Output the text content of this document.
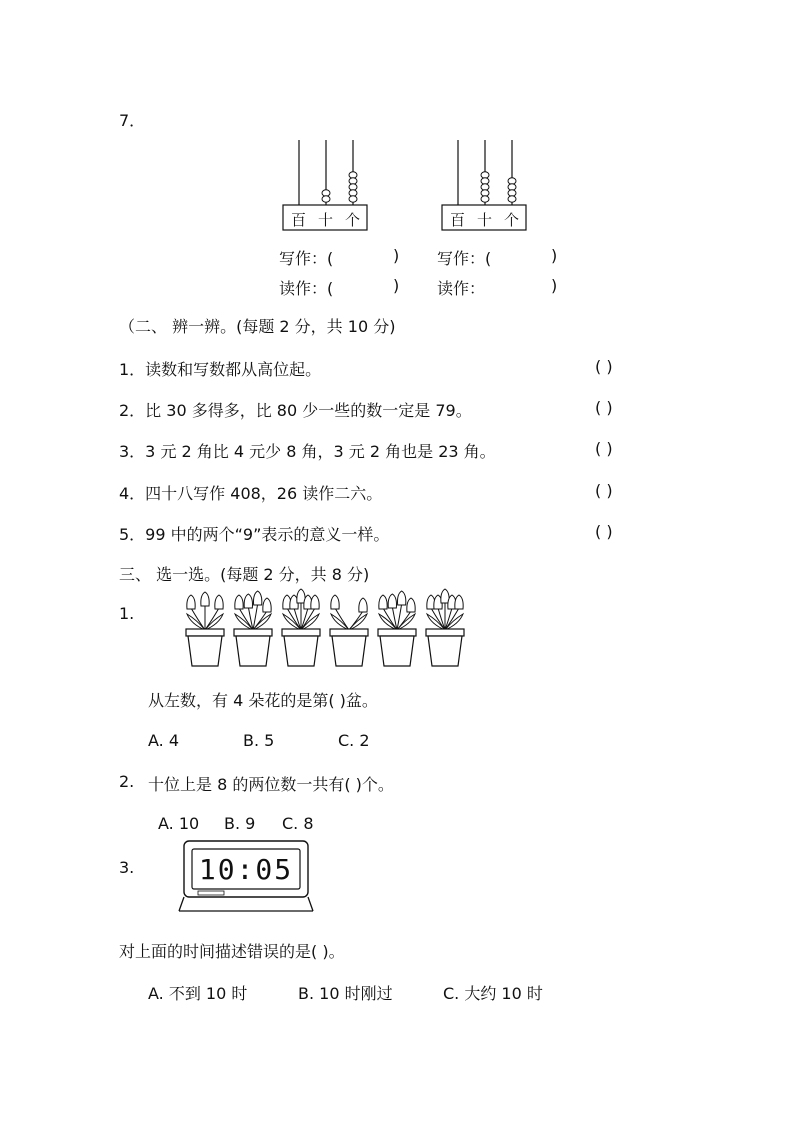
7．
百 十 个	百 十 个
写作：(	) 写作：(	)
读作：(	) 读作：	)
（二、 辨一辨。(每题 2 分，共 10 分)
1．读数和写数都从高位起。	( )
2．比 30 多得多，比 80 少一些的数一定是 79。	( )
3．3 元 2 角比 4 元少 8 角，3 元 2 角也是 23 角。	( )
4．四十八写作 408，26 读作二六。	( )
5．99 中的两个“9”表示的意义一样。	( )
三、 选一选。(每题 2 分，共 8 分)
1.
从左数，有 4 朵花的是第( )盆。
A. 4	B. 5	C. 2
2. 十位上是 8 的两位数一共有( )个。
A. 10 B. 9 C. 8
3. 10:05
对上面的时间描述错误的是( )。
A. 不到 10 时	B. 10 时刚过	C. 大约 10 时
